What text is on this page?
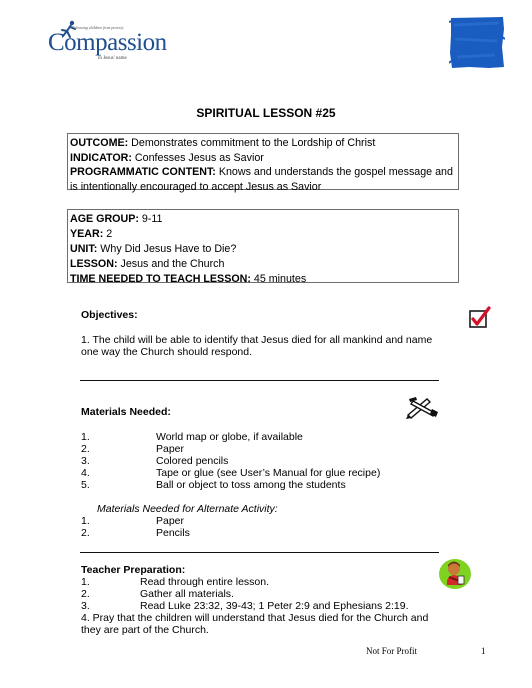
Releasing children from poverty
Compassion
in Jesus' name
SPIRITUAL LESSON #25
OUTCOME: Demonstrates commitment to the Lordship of Christ
INDICATOR: Confesses Jesus as Savior
PROGRAMMATIC CONTENT: Knows and understands the gospel message and
is intentionally encouraged to accept Jesus as Savior
AGE GROUP: 9-11
YEAR: 2
UNIT: Why Did Jesus Have to Die?
LESSON: Jesus and the Church
TIME NEEDED TO TEACH LESSON: 45 minutes
Objectives:
1. The child will be able to identify that Jesus died for all mankind and name
one way the Church should respond.
Materials Needed:
1.	World map or globe, if available
2.	Paper
3.	Colored pencils
4.	Tape or glue (see User’s Manual for glue recipe)
5.	Ball or object to toss among the students
Materials Needed for Alternate Activity:
1.	Paper
2.	Pencils
Teacher Preparation:
1.	Read through entire lesson.
2.	Gather all materials.
3.	Read Luke 23:32, 39-43; 1 Peter 2:9 and Ephesians 2:19.
4. Pray that the children will understand that Jesus died for the Church and
they are part of the Church.
Not For Profit	1
